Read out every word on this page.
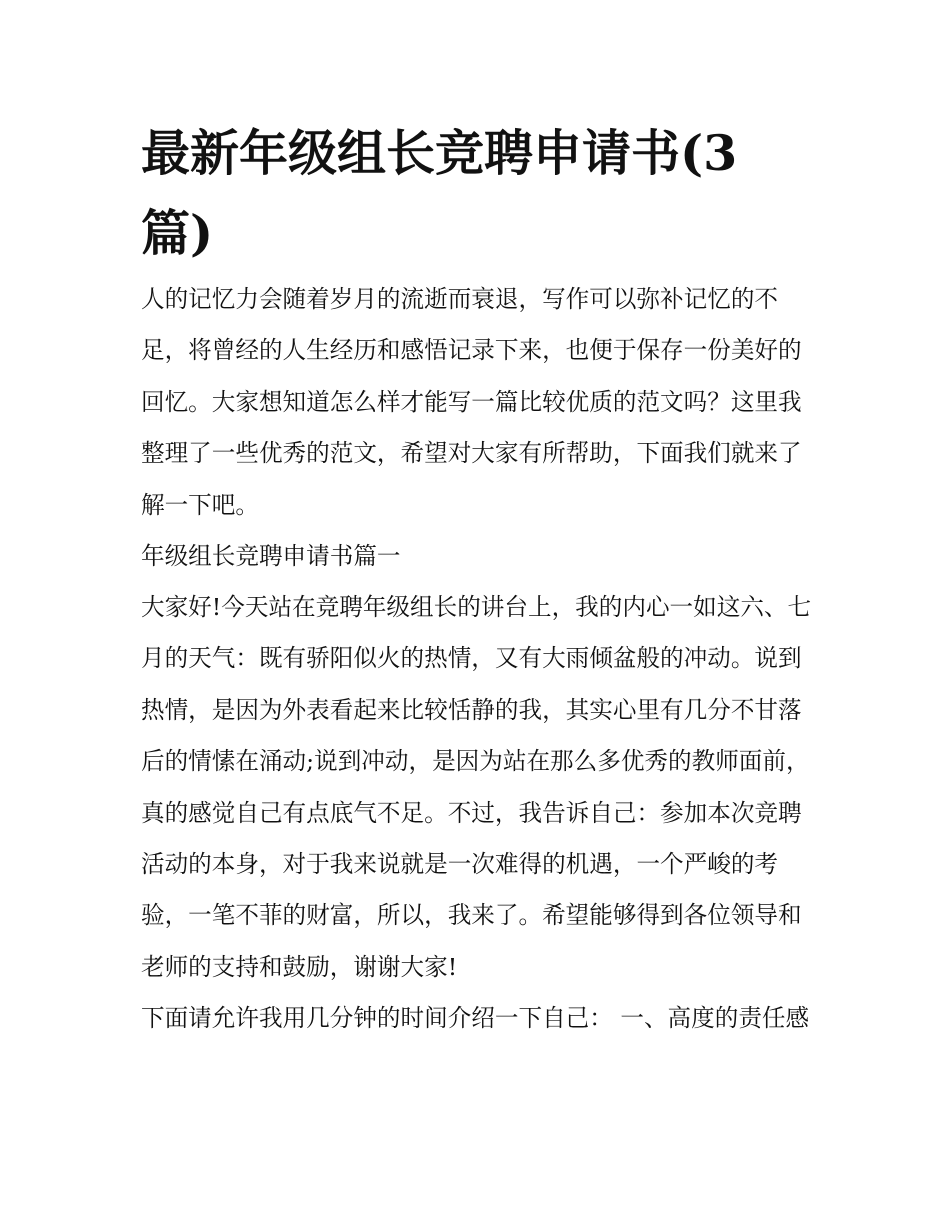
最新年级组长竞聘申请书(3篇)

人的记忆力会随着岁月的流逝而衰退，写作可以弥补记忆的不足，将曾经的人生经历和感悟记录下来，也便于保存一份美好的回忆。大家想知道怎么样才能写一篇比较优质的范文吗？这里我整理了一些优秀的范文，希望对大家有所帮助，下面我们就来了解一下吧。

年级组长竞聘申请书篇一

大家好!今天站在竞聘年级组长的讲台上，我的内心一如这六、七月的天气：既有骄阳似火的热情，又有大雨倾盆般的冲动。说到热情，是因为外表看起来比较恬静的我，其实心里有几分不甘落后的情愫在涌动;说到冲动，是因为站在那么多优秀的教师面前，真的感觉自己有点底气不足。不过，我告诉自己：参加本次竞聘活动的本身，对于我来说就是一次难得的机遇，一个严峻的考验，一笔不菲的财富，所以，我来了。希望能够得到各位领导和老师的支持和鼓励，谢谢大家!

下面请允许我用几分钟的时间介绍一下自己： 一、高度的责任感
